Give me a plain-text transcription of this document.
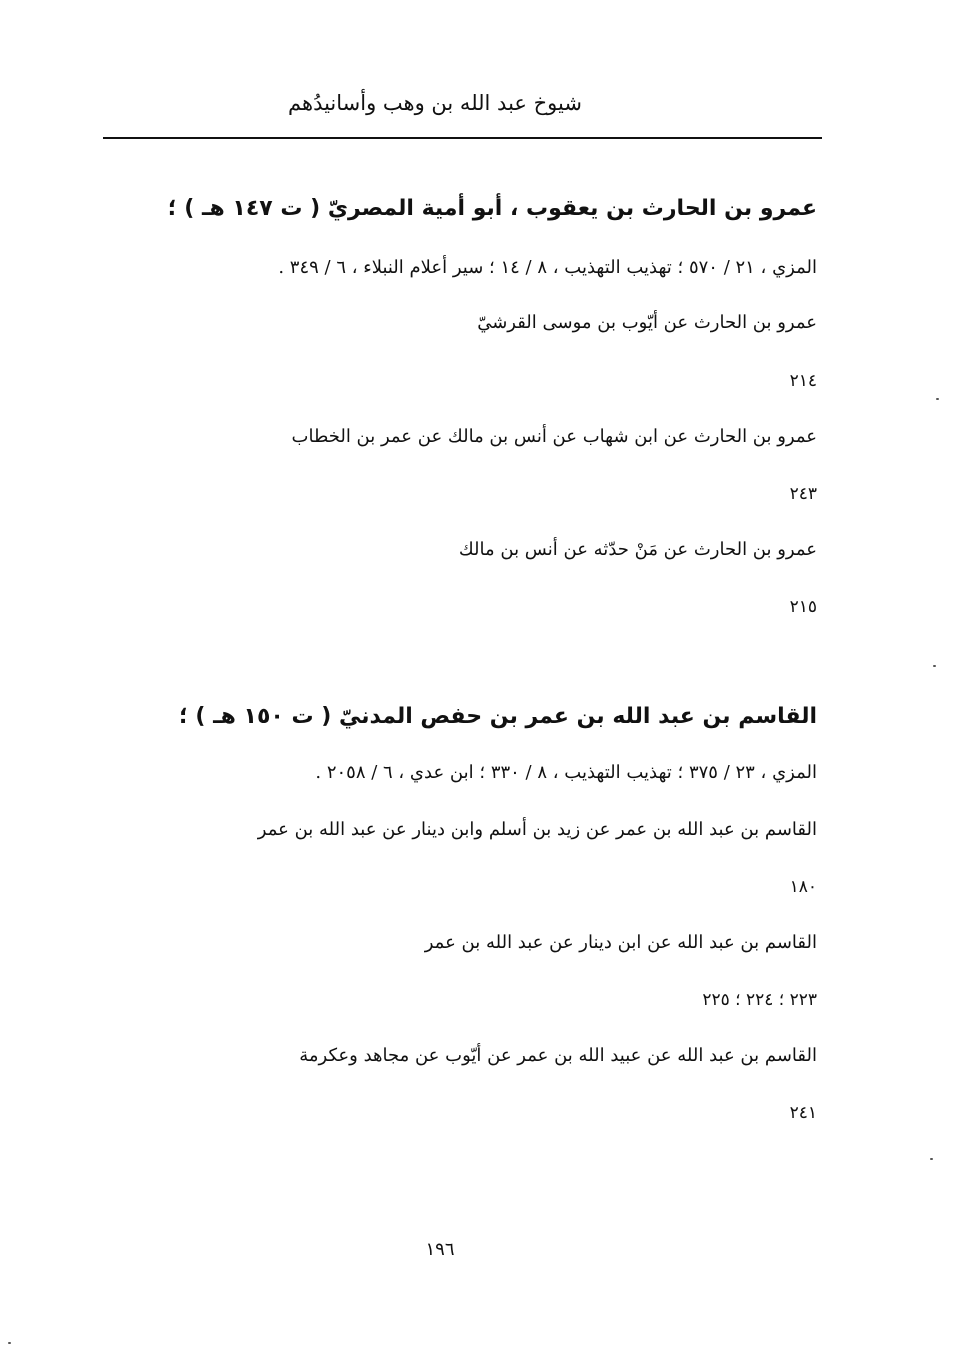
شيوخ عبد الله بن وهب وأسانيدُهم
عمرو بن الحارث بن يعقوب ، أبو أمية المصريّ ( ت ١٤٧ هـ ) ؛
المزي ، ٢١ / ٥٧٠ ؛ تهذيب التهذيب ، ٨ / ١٤ ؛ سير أعلام النبلاء ، ٦ / ٣٤٩ .
عمرو بن الحارث عن أيّوب بن موسى القرشيّ
٢١٤
عمرو بن الحارث عن ابن شهاب عن أنس بن مالك عن عمر بن الخطاب
٢٤٣
عمرو بن الحارث عن مَنْ حدّثه عن أنس بن مالك
٢١٥
القاسم بن عبد الله بن عمر بن حفص المدنيّ ( ت ١٥٠ هـ ) ؛
المزي ، ٢٣ / ٣٧٥ ؛ تهذيب التهذيب ، ٨ / ٣٣٠ ؛ ابن عدي ، ٦ / ٢٠٥٨ .
القاسم بن عبد الله بن عمر عن زيد بن أسلم وابن دينار عن عبد الله بن عمر
١٨٠
القاسم بن عبد الله عن ابن دينار عن عبد الله بن عمر
٢٢٣ ؛ ٢٢٤ ؛ ٢٢٥
القاسم بن عبد الله عن عبيد الله بن عمر عن أيّوب عن مجاهد وعكرمة
٢٤١
١٩٦
